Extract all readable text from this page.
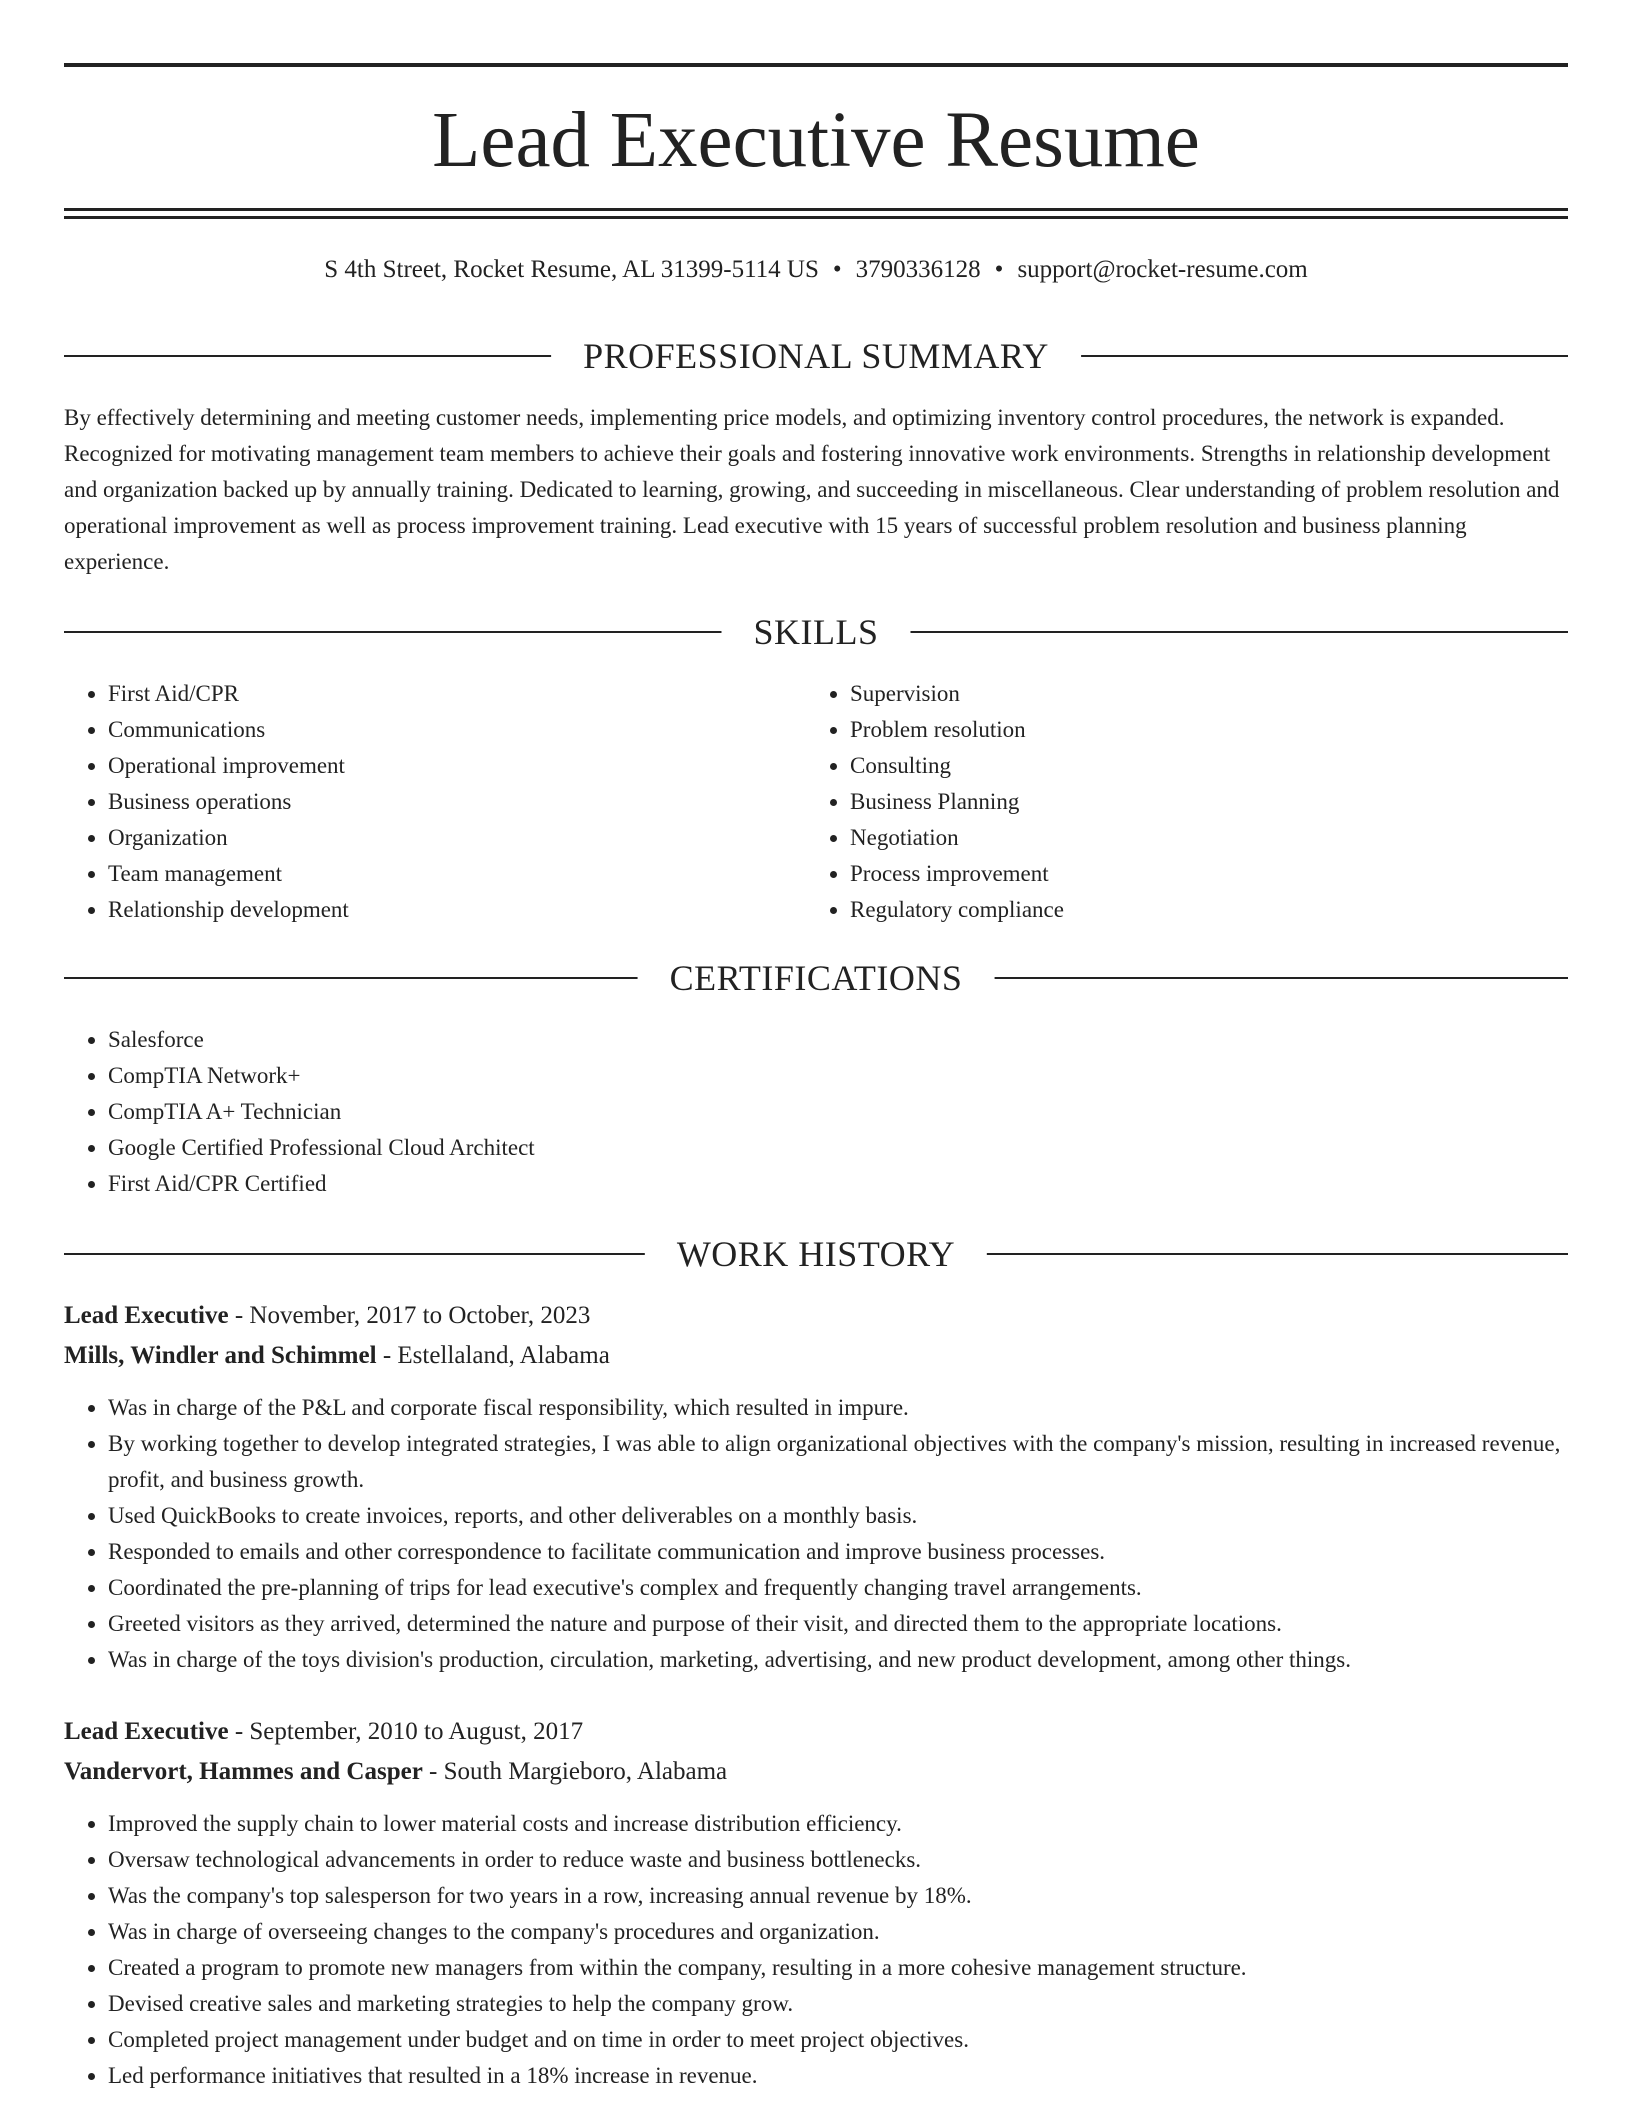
Lead Executive Resume
S 4th Street, Rocket Resume, AL 31399-5114 US • 3790336128 • support@rocket-resume.com
PROFESSIONAL SUMMARY

By effectively determining and meeting customer needs, implementing price models, and optimizing inventory control procedures, the network is expanded. Recognized for motivating management team members to achieve their goals and fostering innovative work environments. Strengths in relationship development and organization backed up by annually training. Dedicated to learning, growing, and succeeding in miscellaneous. Clear understanding of problem resolution and operational improvement as well as process improvement training. Lead executive with 15 years of successful problem resolution and business planning experience.

SKILLS
• First Aid/CPR
• Communications
• Operational improvement
• Business operations
• Organization
• Team management
• Relationship development
• Supervision
• Problem resolution
• Consulting
• Business Planning
• Negotiation
• Process improvement
• Regulatory compliance
CERTIFICATIONS
• Salesforce
• CompTIA Network+
• CompTIA A+ Technician
• Google Certified Professional Cloud Architect
• First Aid/CPR Certified
WORK HISTORY
Lead Executive - November, 2017 to October, 2023
Mills, Windler and Schimmel - Estellaland, Alabama
• Was in charge of the P&L and corporate fiscal responsibility, which resulted in impure.
• By working together to develop integrated strategies, I was able to align organizational objectives with the company's mission, resulting in increased revenue, profit, and business growth.
• Used QuickBooks to create invoices, reports, and other deliverables on a monthly basis.
• Responded to emails and other correspondence to facilitate communication and improve business processes.
• Coordinated the pre-planning of trips for lead executive's complex and frequently changing travel arrangements.
• Greeted visitors as they arrived, determined the nature and purpose of their visit, and directed them to the appropriate locations.
• Was in charge of the toys division's production, circulation, marketing, advertising, and new product development, among other things.
Lead Executive - September, 2010 to August, 2017
Vandervort, Hammes and Casper - South Margieboro, Alabama
• Improved the supply chain to lower material costs and increase distribution efficiency.
• Oversaw technological advancements in order to reduce waste and business bottlenecks.
• Was the company's top salesperson for two years in a row, increasing annual revenue by 18%.
• Was in charge of overseeing changes to the company's procedures and organization.
• Created a program to promote new managers from within the company, resulting in a more cohesive management structure.
• Devised creative sales and marketing strategies to help the company grow.
• Completed project management under budget and on time in order to meet project objectives.
• Led performance initiatives that resulted in a 18% increase in revenue.
